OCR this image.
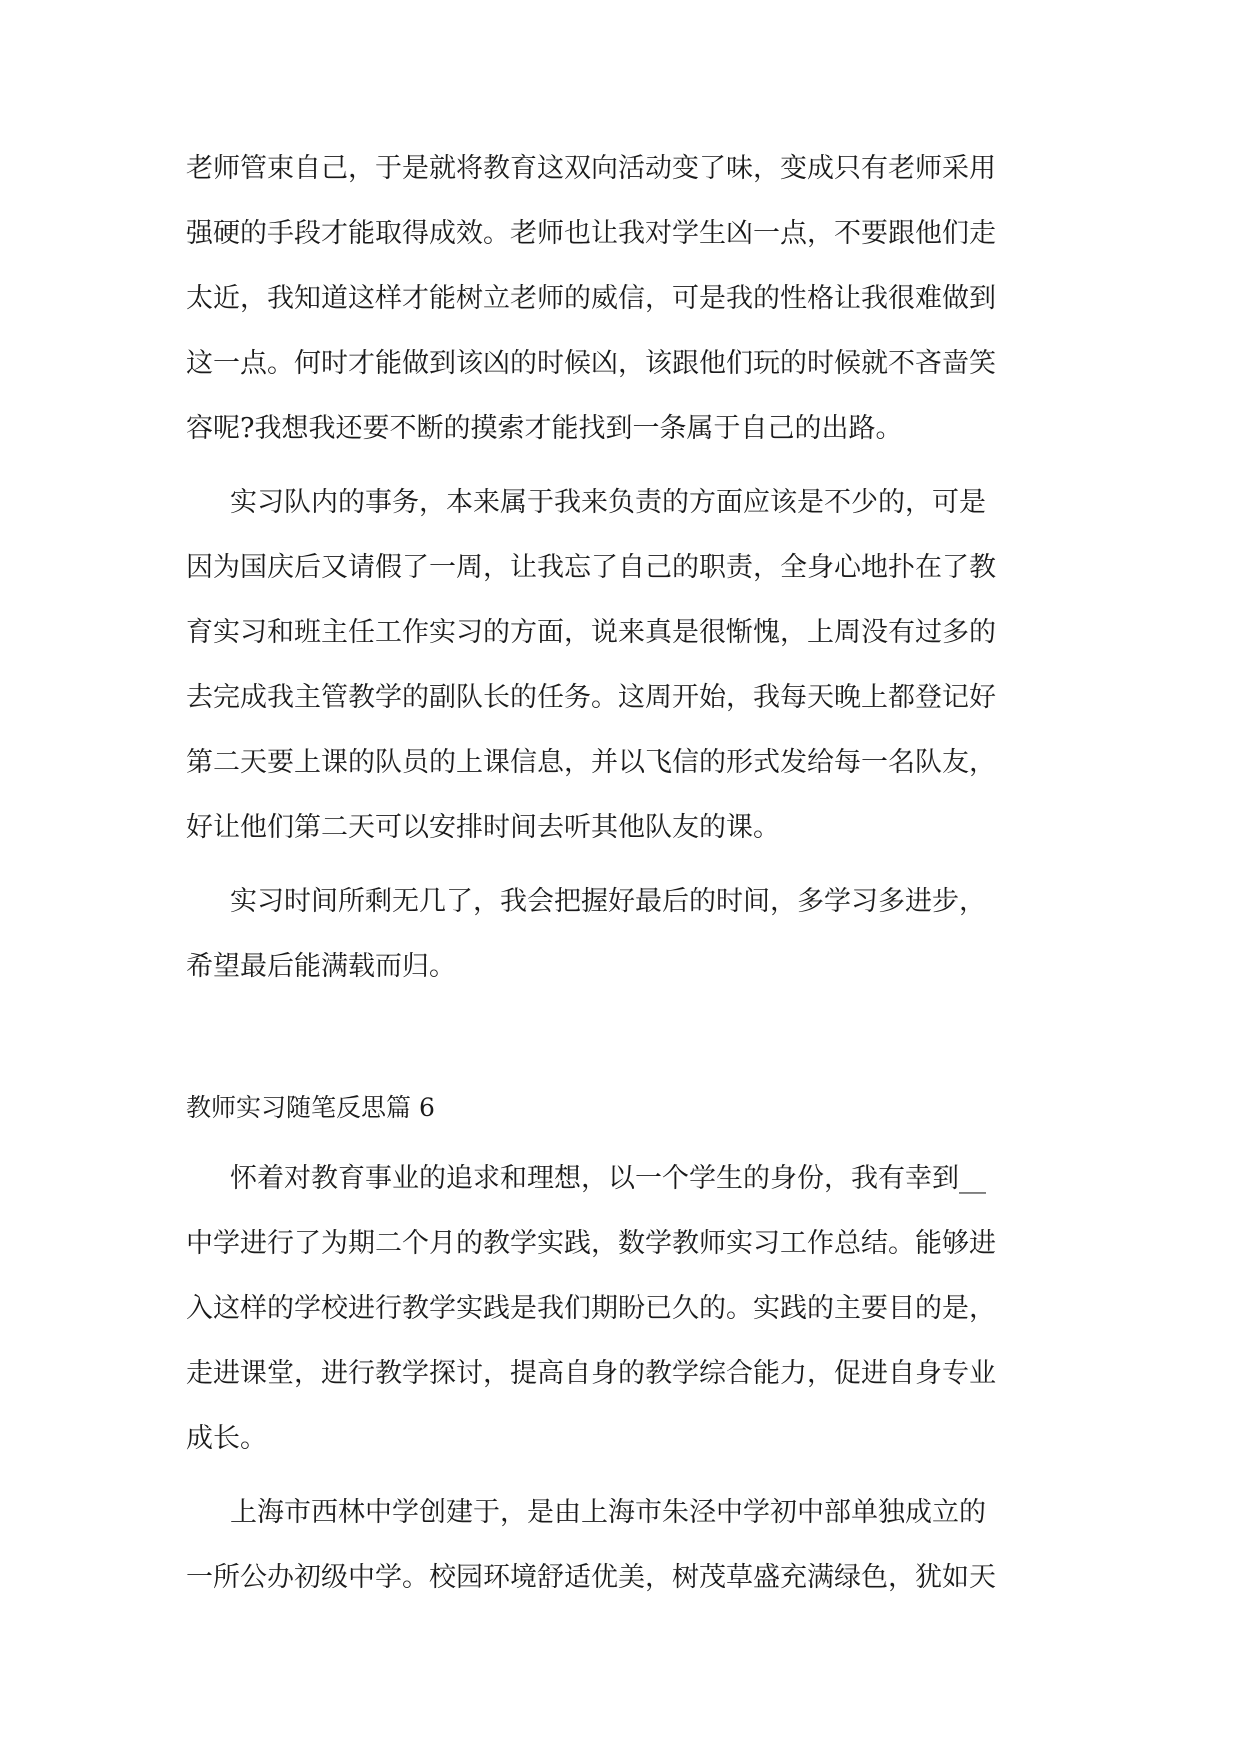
老师管束自己，于是就将教育这双向活动变了味，变成只有老师采用
强硬的手段才能取得成效。老师也让我对学生凶一点，不要跟他们走
太近，我知道这样才能树立老师的威信，可是我的性格让我很难做到
这一点。何时才能做到该凶的时候凶，该跟他们玩的时候就不吝啬笑
容呢?我想我还要不断的摸索才能找到一条属于自己的出路。
实习队内的事务，本来属于我来负责的方面应该是不少的，可是
因为国庆后又请假了一周，让我忘了自己的职责，全身心地扑在了教
育实习和班主任工作实习的方面，说来真是很惭愧，上周没有过多的
去完成我主管教学的副队长的任务。这周开始，我每天晚上都登记好
第二天要上课的队员的上课信息，并以飞信的形式发给每一名队友，
好让他们第二天可以安排时间去听其他队友的课。
实习时间所剩无几了，我会把握好最后的时间，多学习多进步，
希望最后能满载而归。
教师实习随笔反思篇 6
怀着对教育事业的追求和理想，以一个学生的身份，我有幸到__
中学进行了为期二个月的教学实践，数学教师实习工作总结。能够进
入这样的学校进行教学实践是我们期盼已久的。实践的主要目的是，
走进课堂，进行教学探讨，提高自身的教学综合能力，促进自身专业
成长。
上海市西林中学创建于，是由上海市朱泾中学初中部单独成立的
一所公办初级中学。校园环境舒适优美，树茂草盛充满绿色，犹如天
